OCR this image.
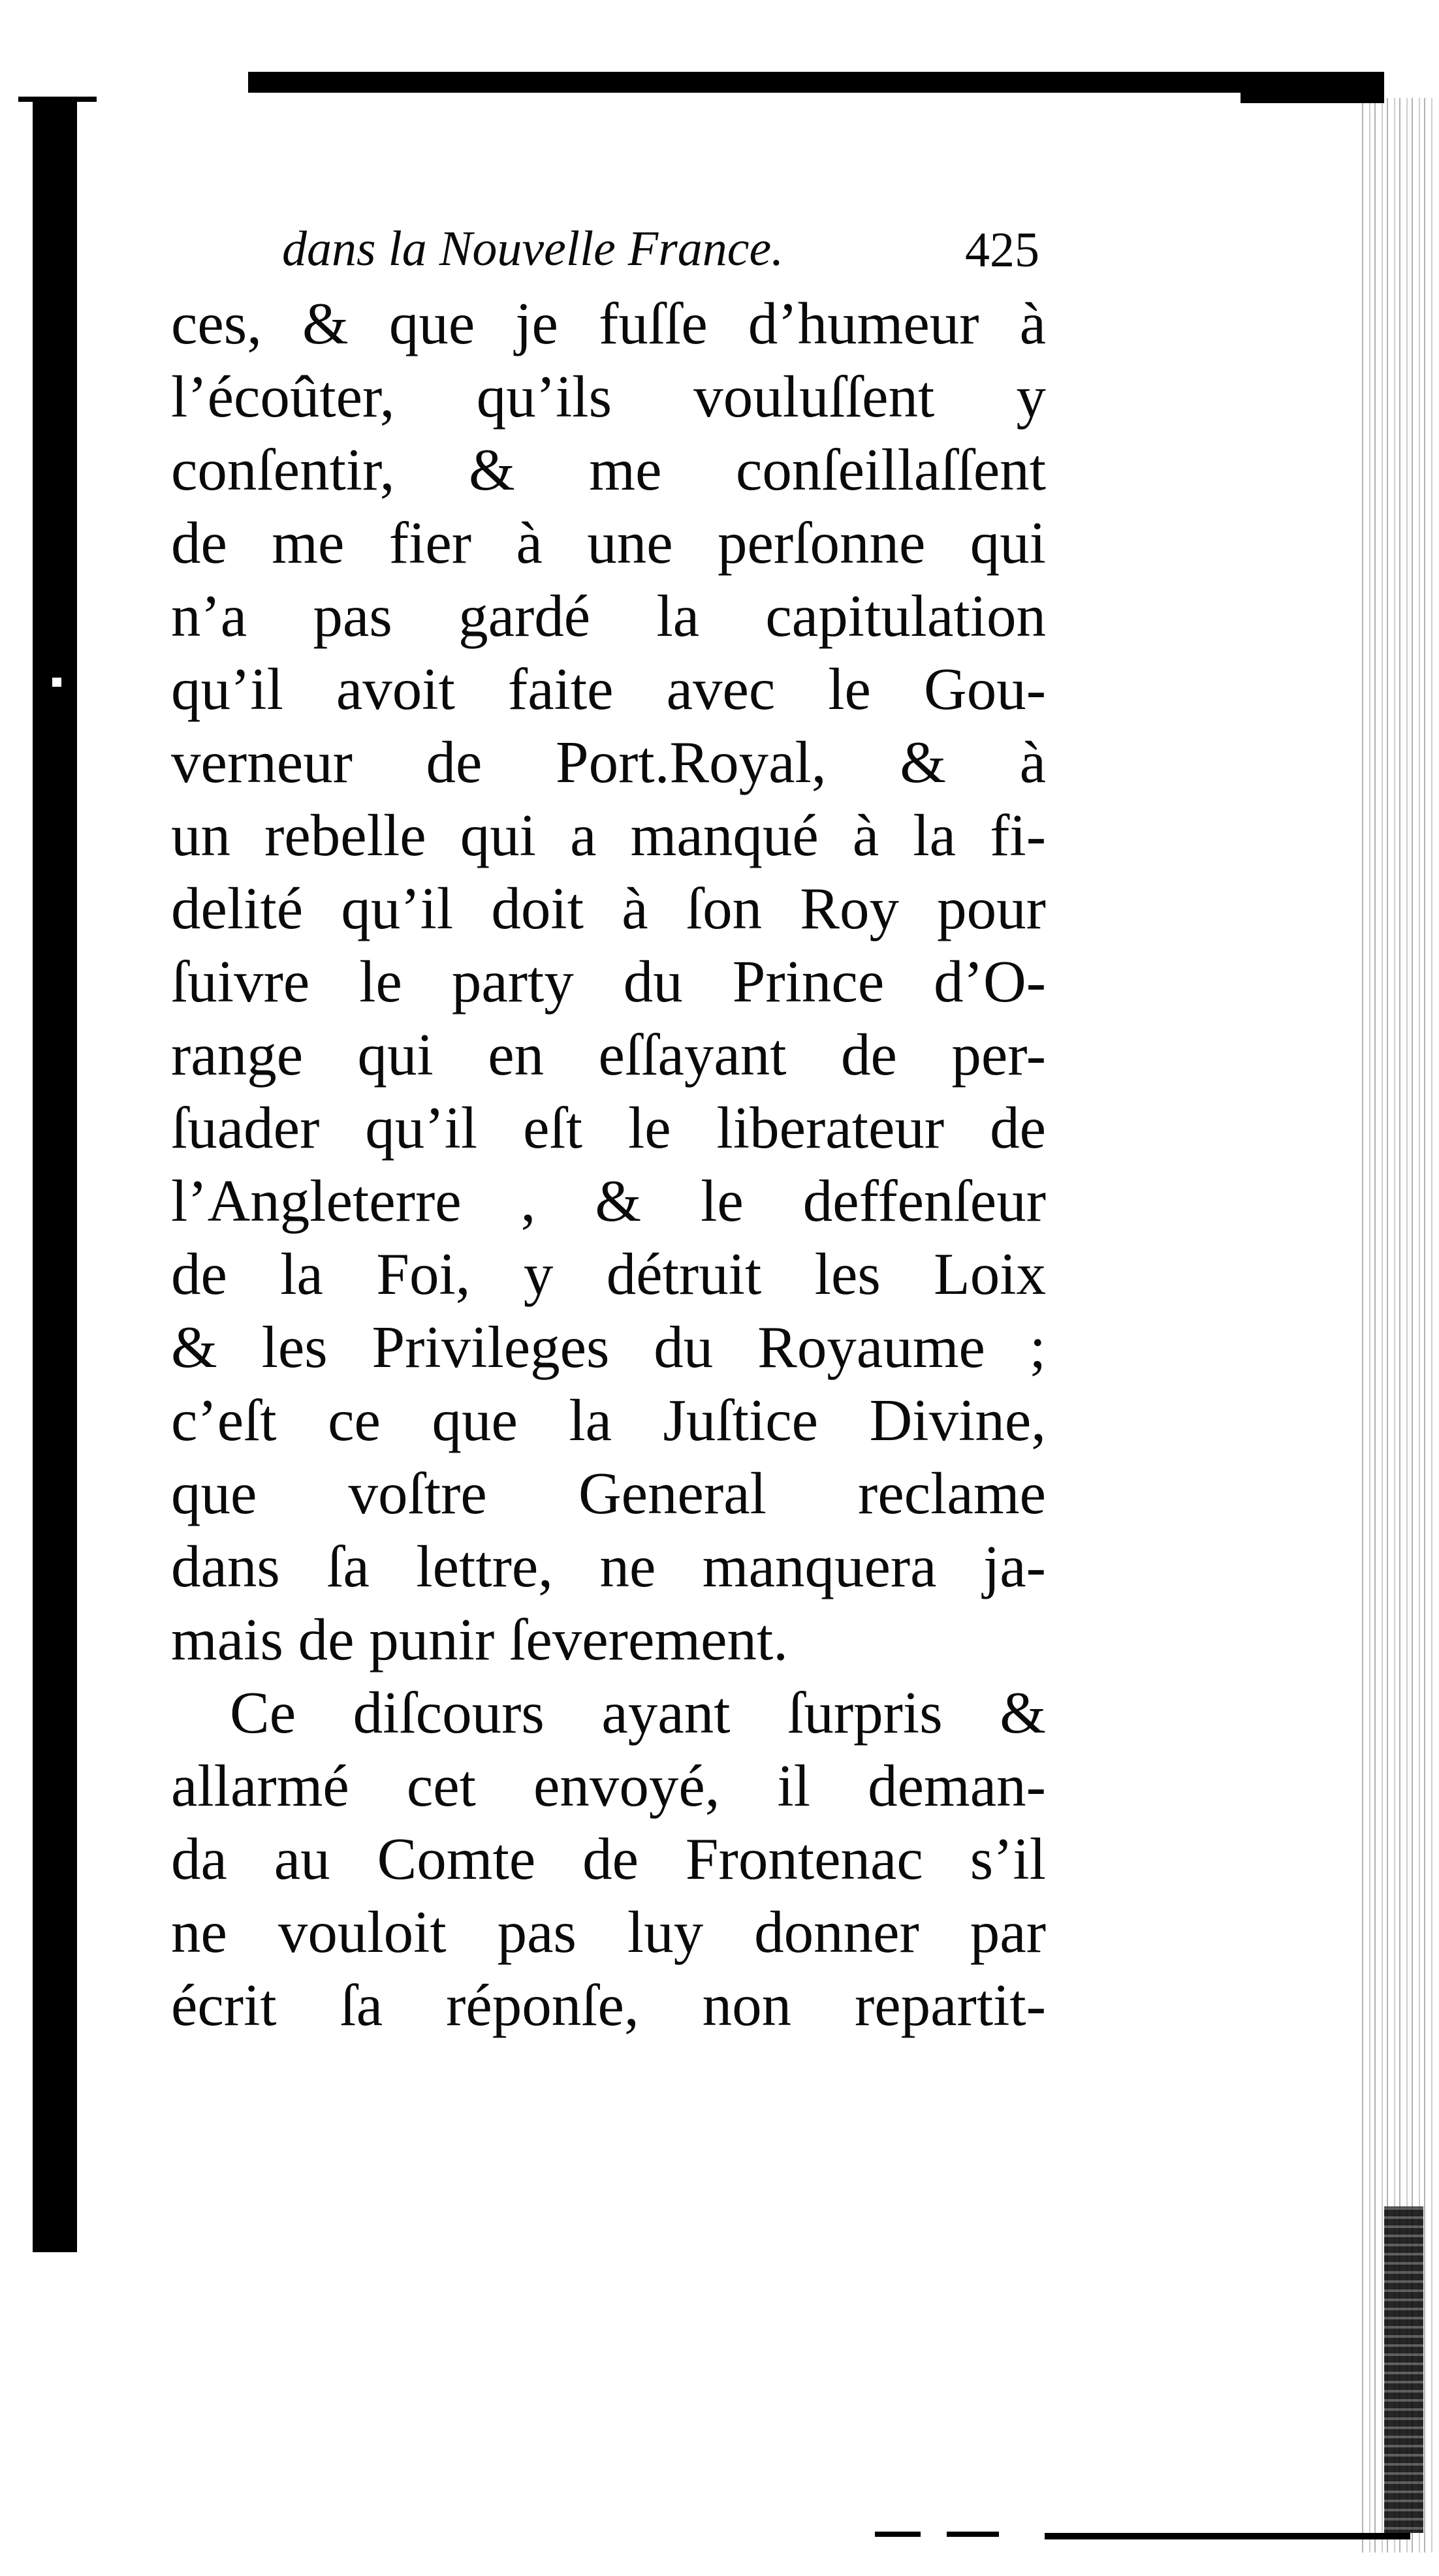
dans la Nouvelle France.	425
ces, & que je fuſſe d’humeur à
l’écoûter, qu’ils vouluſſent y
conſentir, & me conſeillaſſent
de me fier à une perſonne qui
n’a pas gardé la capitulation
qu’il avoit faite avec le Gou-
verneur de Port.Royal, & à
un rebelle qui a manqué à la fi-
delité qu’il doit à ſon Roy pour
ſuivre le party du Prince d’O-
range qui en eſſayant de per-
ſuader qu’il eſt le liberateur de
l’Angleterre , & le deffenſeur
de la Foi, y détruit les Loix
& les Privileges du Royaume ;
c’eſt ce que la Juſtice Divine,
que voſtre General reclame
dans ſa lettre, ne manquera ja-
mais de punir ſeverement.
Ce diſcours ayant ſurpris &
allarmé cet envoyé, il deman-
da au Comte de Frontenac s’il
ne vouloit pas luy donner par
écrit ſa réponſe, non repartit-
